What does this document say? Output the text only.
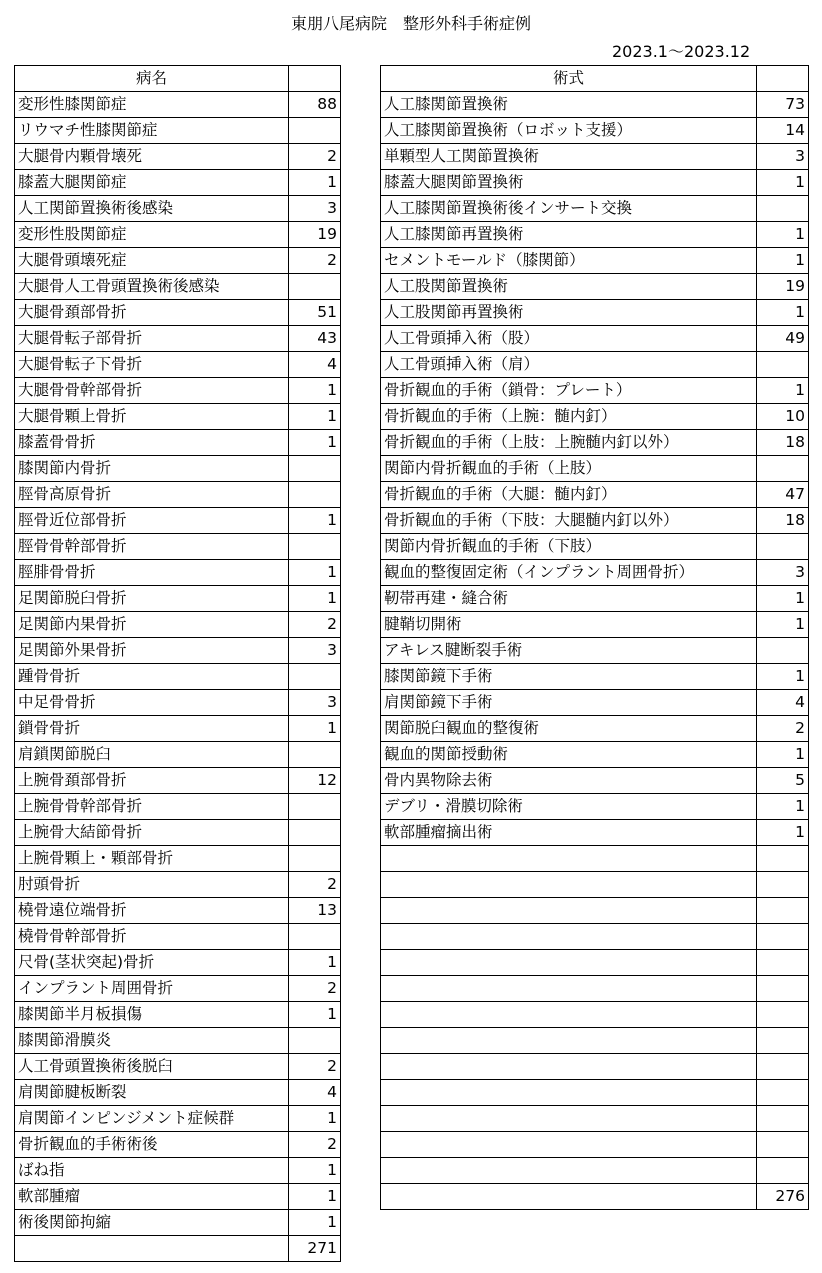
東朋八尾病院　整形外科手術症例
2023.1～2023.12
病名	
変形性膝関節症	88
リウマチ性膝関節症	
大腿骨内顆骨壊死	2
膝蓋大腿関節症	1
人工関節置換術後感染	3
変形性股関節症	19
大腿骨頭壊死症	2
大腿骨人工骨頭置換術後感染	
大腿骨頚部骨折	51
大腿骨転子部骨折	43
大腿骨転子下骨折	4
大腿骨骨幹部骨折	1
大腿骨顆上骨折	1
膝蓋骨骨折	1
膝関節内骨折	
脛骨高原骨折	
脛骨近位部骨折	1
脛骨骨幹部骨折	
脛腓骨骨折	1
足関節脱臼骨折	1
足関節内果骨折	2
足関節外果骨折	3
踵骨骨折	
中足骨骨折	3
鎖骨骨折	1
肩鎖関節脱臼	
上腕骨頚部骨折	12
上腕骨骨幹部骨折	
上腕骨大結節骨折	
上腕骨顆上・顆部骨折	
肘頭骨折	2
橈骨遠位端骨折	13
橈骨骨幹部骨折	
尺骨(茎状突起)骨折	1
インプラント周囲骨折	2
膝関節半月板損傷	1
膝関節滑膜炎	
人工骨頭置換術後脱臼	2
肩関節腱板断裂	4
肩関節インピンジメント症候群	1
骨折観血的手術術後	2
ばね指	1
軟部腫瘤	1
術後関節拘縮	1
	271
術式	
人工膝関節置換術	73
人工膝関節置換術（ロボット支援）	14
単顆型人工関節置換術	3
膝蓋大腿関節置換術	1
人工膝関節置換術後インサート交換	
人工膝関節再置換術	1
セメントモールド（膝関節）	1
人工股関節置換術	19
人工股関節再置換術	1
人工骨頭挿入術（股）	49
人工骨頭挿入術（肩）	
骨折観血的手術（鎖骨：プレート）	1
骨折観血的手術（上腕：髄内釘）	10
骨折観血的手術（上肢：上腕髄内釘以外）	18
関節内骨折観血的手術（上肢）	
骨折観血的手術（大腿：髄内釘）	47
骨折観血的手術（下肢：大腿髄内釘以外）	18
関節内骨折観血的手術（下肢）	
観血的整復固定術（インプラント周囲骨折）	3
靭帯再建・縫合術	1
腱鞘切開術	1
アキレス腱断裂手術	
膝関節鏡下手術	1
肩関節鏡下手術	4
関節脱臼観血的整復術	2
観血的関節授動術	1
骨内異物除去術	5
デブリ・滑膜切除術	1
軟部腫瘤摘出術	1

	276
